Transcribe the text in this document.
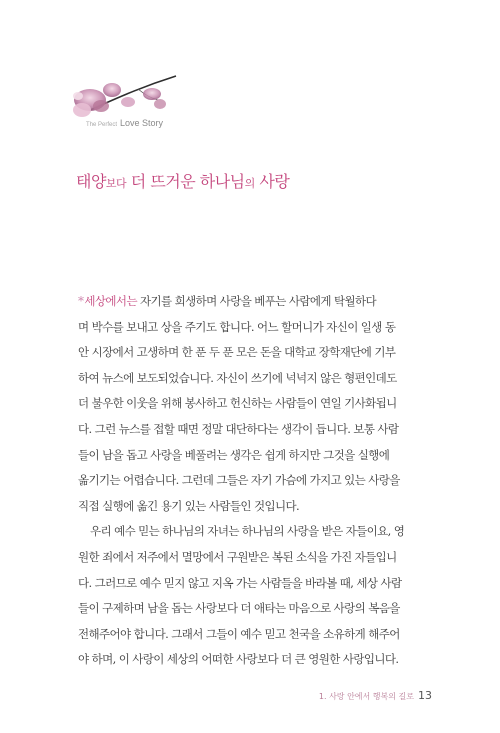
The Perfect Love Story
태양보다 더 뜨거운 하나님의 사랑
*세상에서는 자기를 희생하며 사랑을 베푸는 사람에게 탁월하다
며 박수를 보내고 상을 주기도 합니다. 어느 할머니가 자신이 일생 동
안 시장에서 고생하며 한 푼 두 푼 모은 돈을 대학교 장학재단에 기부
하여 뉴스에 보도되었습니다. 자신이 쓰기에 넉넉지 않은 형편인데도
더 불우한 이웃을 위해 봉사하고 헌신하는 사람들이 연일 기사화됩니
다. 그런 뉴스를 접할 때면 정말 대단하다는 생각이 듭니다. 보통 사람
들이 남을 돕고 사랑을 베풀려는 생각은 쉽게 하지만 그것을 실행에
옮기기는 어렵습니다. 그런데 그들은 자기 가슴에 가지고 있는 사랑을
직접 실행에 옮긴 용기 있는 사람들인 것입니다.
우리 예수 믿는 하나님의 자녀는 하나님의 사랑을 받은 자들이요, 영
원한 죄에서 저주에서 멸망에서 구원받은 복된 소식을 가진 자들입니
다. 그러므로 예수 믿지 않고 지옥 가는 사람들을 바라볼 때, 세상 사람
들이 구제하며 남을 돕는 사랑보다 더 애타는 마음으로 사랑의 복음을
전해주어야 합니다. 그래서 그들이 예수 믿고 천국을 소유하게 해주어
야 하며, 이 사랑이 세상의 어떠한 사랑보다 더 큰 영원한 사랑입니다.
1. 사랑 안에서 행복의 길로 13
